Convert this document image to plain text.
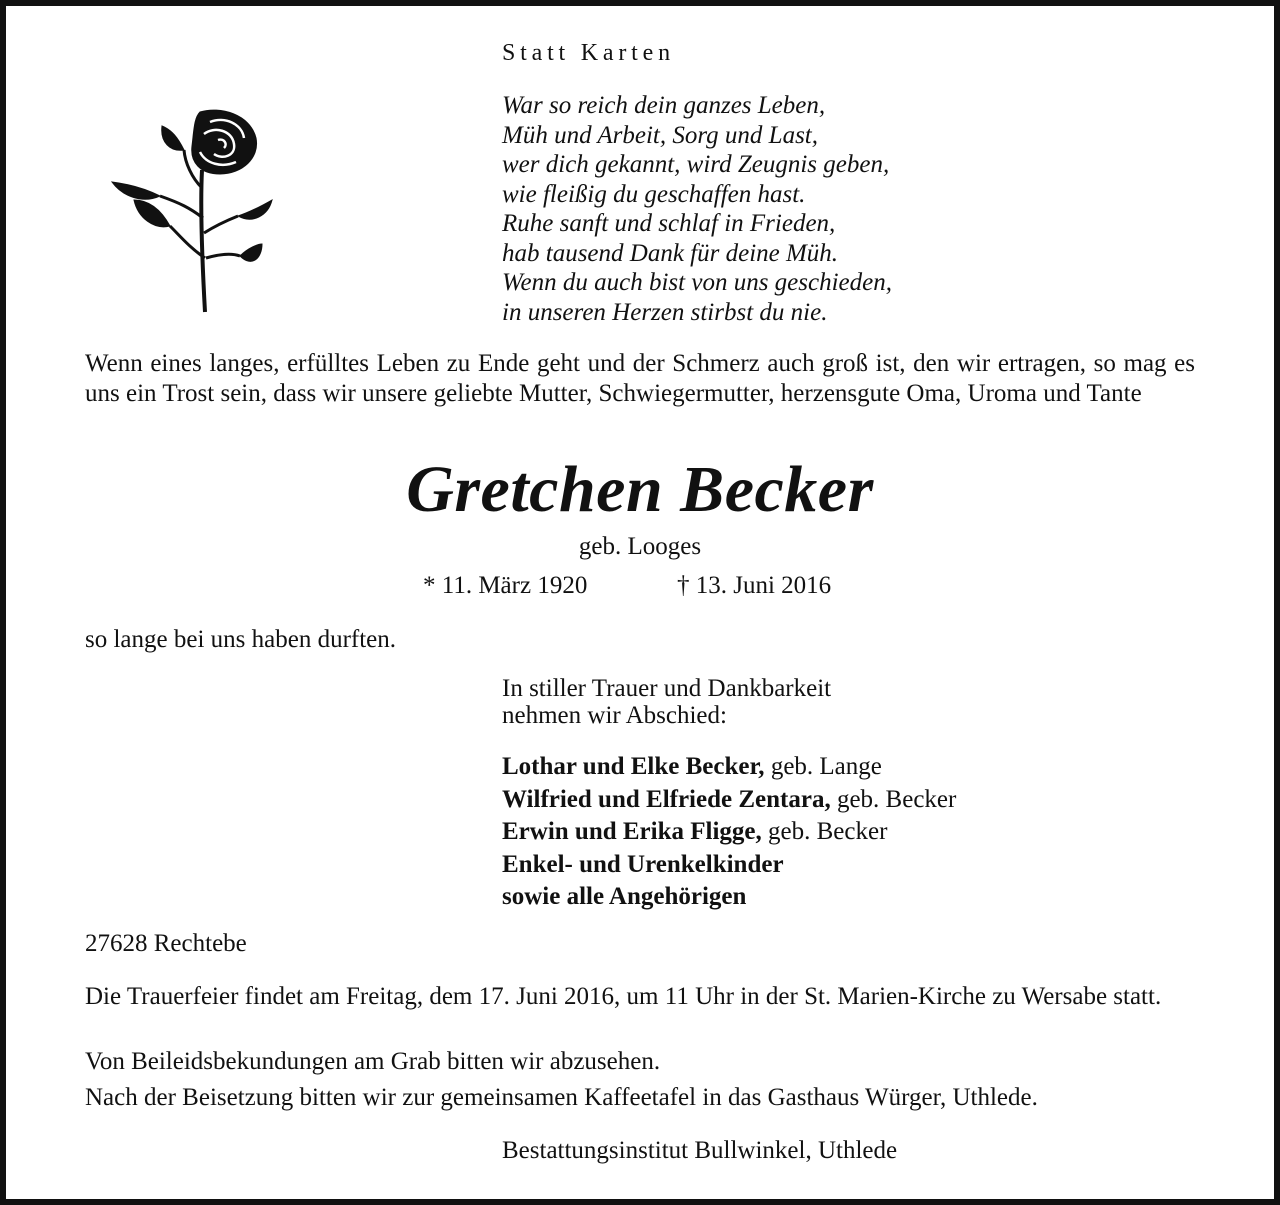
Statt Karten
War so reich dein ganzes Leben,
Müh und Arbeit, Sorg und Last,
wer dich gekannt, wird Zeugnis geben,
wie fleißig du geschaffen hast.
Ruhe sanft und schlaf in Frieden,
hab tausend Dank für deine Müh.
Wenn du auch bist von uns geschieden,
in unseren Herzen stirbst du nie.
Wenn eines langes, erfülltes Leben zu Ende geht und der Schmerz auch groß ist, den wir ertragen, so mag es uns ein Trost sein, dass wir unsere geliebte Mutter, Schwiegermutter, herzensgute Oma, Uroma und Tante
Gretchen Becker
geb. Looges
* 11. März 1920	† 13. Juni 2016
so lange bei uns haben durften.
In stiller Trauer und Dankbarkeit
nehmen wir Abschied:
Lothar und Elke Becker, geb. Lange
Wilfried und Elfriede Zentara, geb. Becker
Erwin und Erika Fligge, geb. Becker
Enkel- und Urenkelkinder
sowie alle Angehörigen
27628 Rechtebe
Die Trauerfeier findet am Freitag, dem 17. Juni 2016, um 11 Uhr in der St. Marien-Kirche zu Wersabe statt.
Von Beileidsbekundungen am Grab bitten wir abzusehen.
Nach der Beisetzung bitten wir zur gemeinsamen Kaffeetafel in das Gasthaus Würger, Uthlede.
Bestattungsinstitut Bullwinkel, Uthlede
